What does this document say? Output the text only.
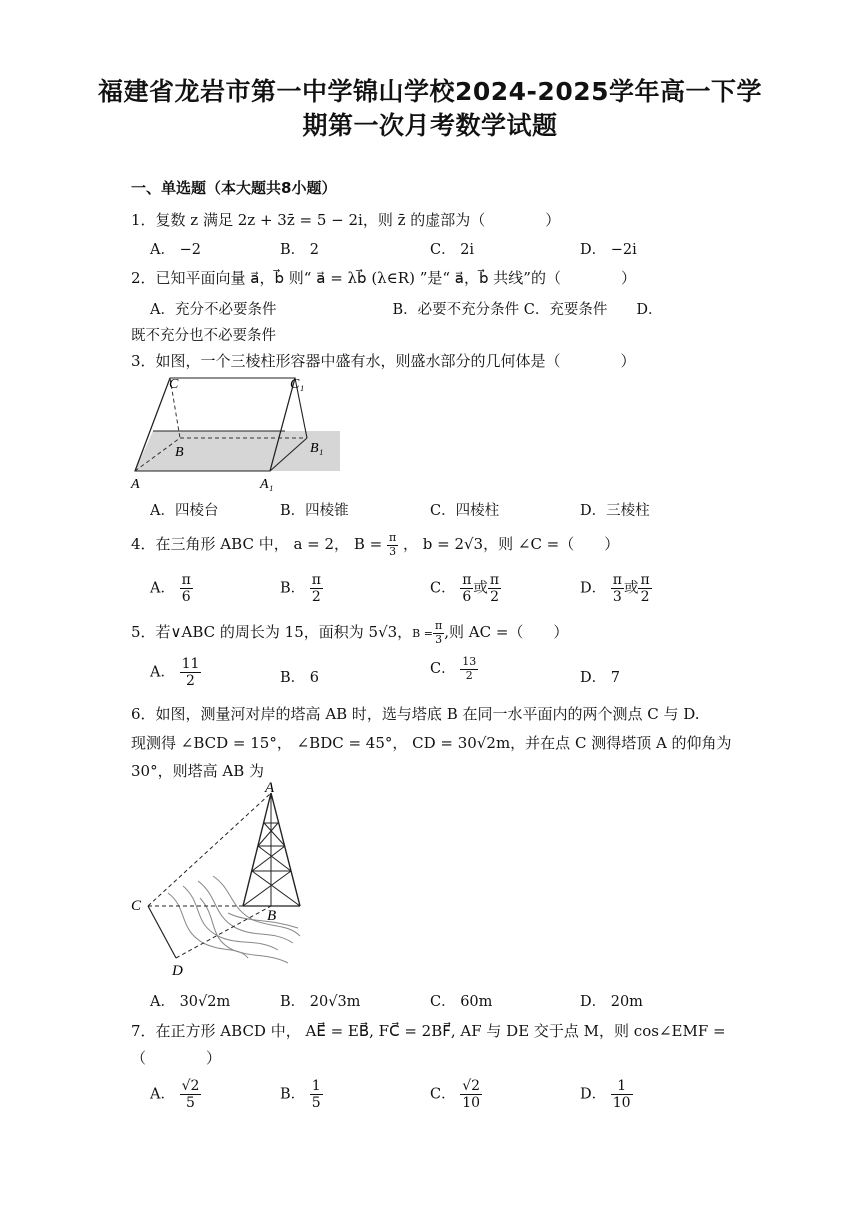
福建省龙岩市第一中学锦山学校2024-2025学年高一下学
期第一次月考数学试题
一、单选题（本大题共8小题）
1．复数 z 满足 2z + 3z̄ = 5 − 2i，则 z̄ 的虚部为（　　　　）
A． −2	B． 2	C． 2i	D． −2i
2．已知平面向量 a⃗，b⃗ 则“ a⃗ = λb⃗ (λ∈R) ”是“ a⃗，b⃗ 共线”的（　　　　）
A．充分不必要条件　　　　　　　　B．必要不充分条件 C．充要条件　　D．
既不充分也不必要条件
3．如图，一个三棱柱形容器中盛有水，则盛水部分的几何体是（　　　　）
C	C₁
B	B₁
A	A₁
A．四棱台	B．四棱锥	C．四棱柱	D．三棱柱
4．在三角形 ABC 中， a = 2， $B = \frac{\pi}{3}$ ， b = 2√3，则 ∠C =（　　）
A． $\frac{\pi}{6}$	B． $\frac{\pi}{2}$	C． $\frac{\pi}{6}$ 或 $\frac{\pi}{2}$	D． $\frac{\pi}{3}$ 或 $\frac{\pi}{2}$
5．若∨ABC 的周长为 15，面积为 5√3，$B = \frac{\pi}{3}$ ,则 AC =（　　）
A． $\frac{11}{2}$	B． 6
C． $\frac{13}{2}$	D． 7
6．如图，测量河对岸的塔高 AB 时，选与塔底 B 在同一水平面内的两个测点 C 与 D.
现测得 ∠BCD = 15°， ∠BDC = 45°， CD = 30√2m，并在点 C 测得塔顶 A 的仰角为
30°，则塔高 AB 为
A
B
C
D
A． 30√2m	B． 20√3m	C． 60m	D． 20m
7．在正方形 ABCD 中， AE⃗ = EB⃗, FC⃗ = 2BF⃗, AF 与 DE 交于点 M，则 cos∠EMF =
（　　　　）
A． $\frac{√2}{5}$	B． $\frac{1}{5}$	C． $\frac{√2}{10}$	D． $\frac{1}{10}$
